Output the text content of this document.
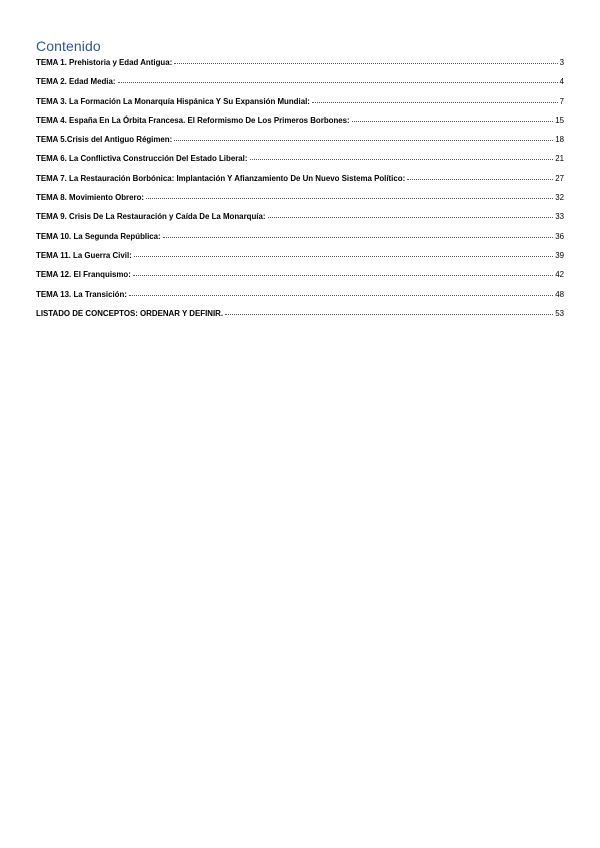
Contenido
TEMA 1. Prehistoria y Edad Antigua:	3
TEMA 2. Edad Media:	4
TEMA 3. La Formación La Monarquía Hispánica Y Su Expansión Mundial:	7
TEMA 4. España En La Órbita Francesa. El Reformismo De Los Primeros Borbones:	15
TEMA 5.Crisis del Antiguo Régimen:	18
TEMA 6. La Conflictiva Construcción Del Estado Liberal:	21
TEMA 7. La Restauración Borbónica: Implantación Y Afianzamiento De Un Nuevo Sistema Político:	27
TEMA 8. Movimiento Obrero:	32
TEMA 9. Crisis De La Restauración y Caída De La Monarquía:	33
TEMA 10. La Segunda República:	36
TEMA 11. La Guerra Civil:	39
TEMA 12. El Franquismo:	42
TEMA 13. La Transición:	48
LISTADO DE CONCEPTOS: ORDENAR Y DEFINIR.	53
